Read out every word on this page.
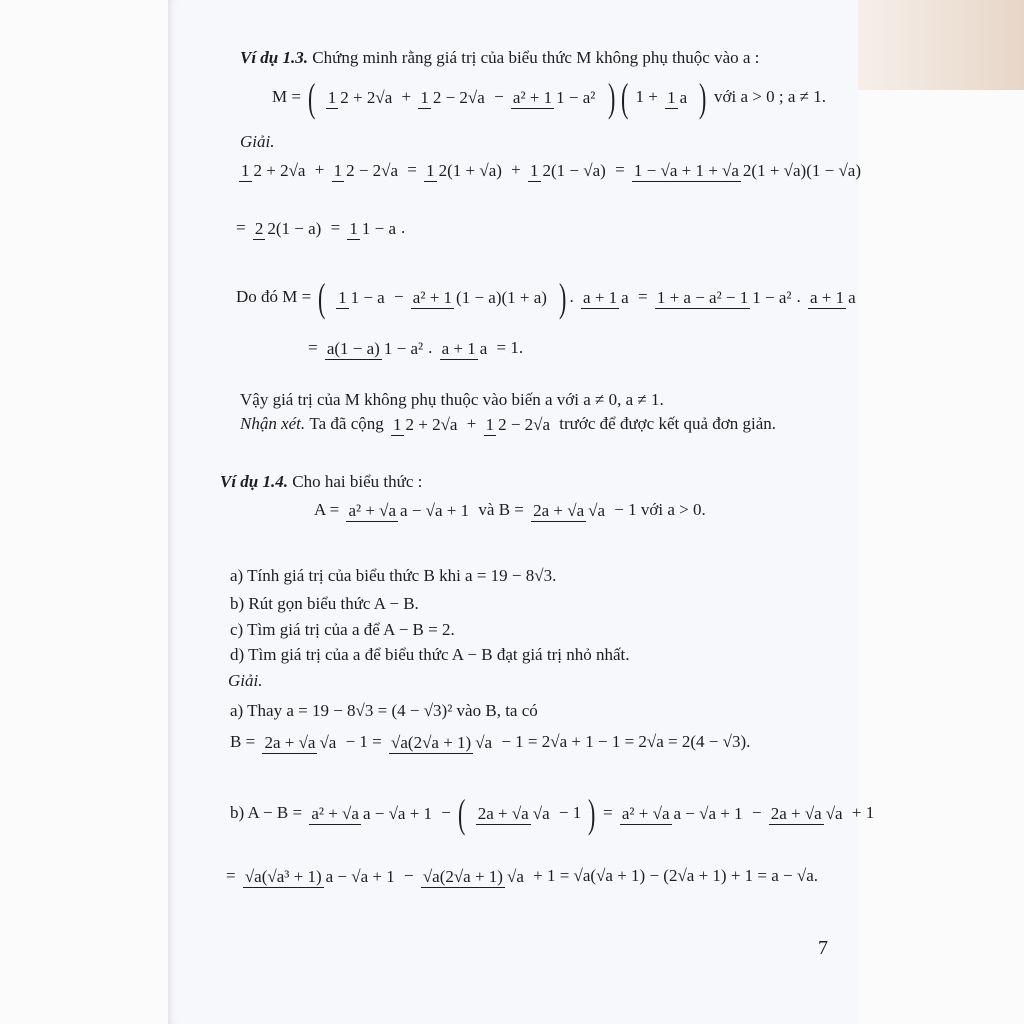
Ví dụ 1.3. Chứng minh rằng giá trị của biểu thức M không phụ thuộc vào a :
M = ( 1 2 + 2√a + 1 2 − 2√a − a² + 1 1 − a² ) ( 1 + 1 a ) với a > 0 ; a ≠ 1.
Giải.
1 2 + 2√a + 1 2 − 2√a = 1 2(1 + √a) + 1 2(1 − √a) = 1 − √a + 1 + √a 2(1 + √a)(1 − √a)
= 2 2(1 − a) = 1 1 − a .
Do đó M = ( 1 1 − a − a² + 1 (1 − a)(1 + a) ) . a + 1 a = 1 + a − a² − 1 1 − a² . a + 1 a
= a(1 − a) 1 − a² . a + 1 a = 1.
Vậy giá trị của M không phụ thuộc vào biến a với a ≠ 0, a ≠ 1.
Nhận xét. Ta đã cộng 1 2 + 2√a + 1 2 − 2√a trước để được kết quả đơn giản.
Ví dụ 1.4. Cho hai biểu thức :
A = a² + √a a − √a + 1 và B = 2a + √a √a − 1 với a > 0.
a) Tính giá trị của biểu thức B khi a = 19 − 8√3.
b) Rút gọn biểu thức A − B.
c) Tìm giá trị của a để A − B = 2.
d) Tìm giá trị của a để biểu thức A − B đạt giá trị nhỏ nhất.
Giải.
a) Thay a = 19 − 8√3 = (4 − √3)² vào B, ta có
B = 2a + √a √a − 1 = √a(2√a + 1) √a − 1 = 2√a + 1 − 1 = 2√a = 2(4 − √3).
b) A − B = a² + √a a − √a + 1 − ( 2a + √a √a − 1 ) = a² + √a a − √a + 1 − 2a + √a √a + 1
= √a(√a³ + 1) a − √a + 1 − √a(2√a + 1) √a + 1 = √a(√a + 1) − (2√a + 1) + 1 = a − √a.
7
